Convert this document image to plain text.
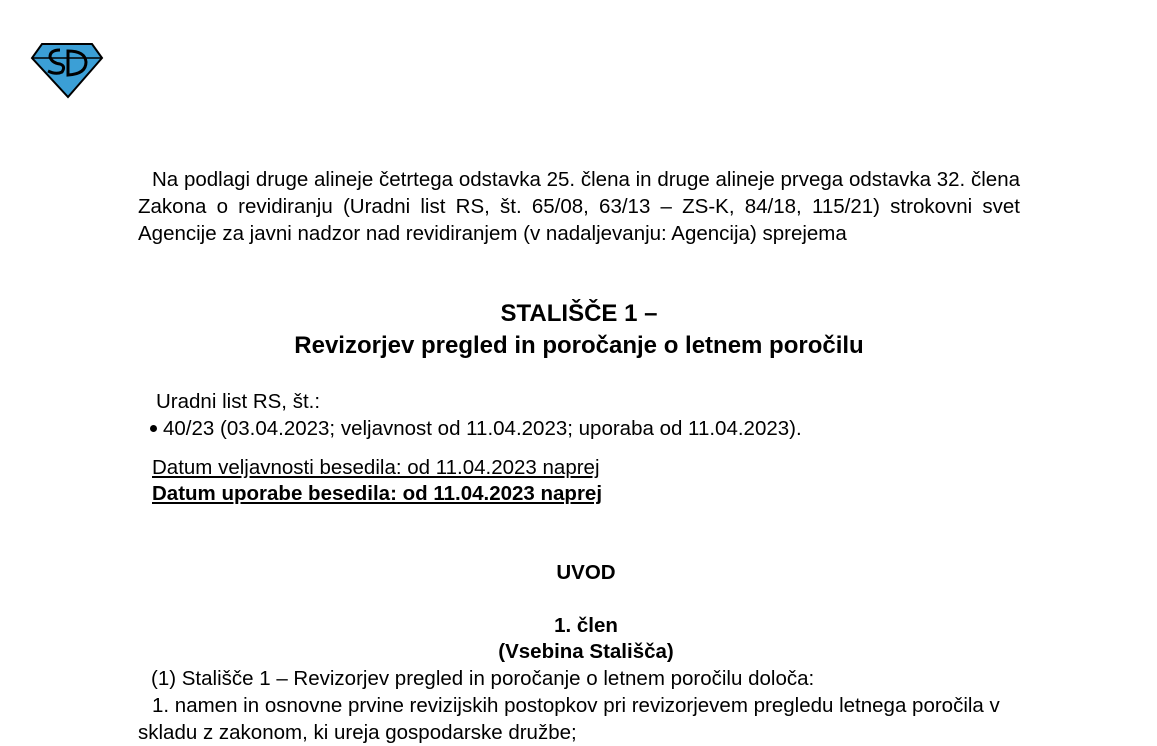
Na podlagi druge alineje četrtega odstavka 25. člena in druge alineje prvega odstavka 32. člena Zakona o revidiranju (Uradni list RS, št. 65/08, 63/13 – ZS-K, 84/18, 115/21) strokovni svet Agencije za javni nadzor nad revidiranjem (v nadaljevanju: Agencija) sprejema

STALIŠČE 1 –
Revizorjev pregled in poročanje o letnem poročilu
Uradni list RS, št.:
40/23 (03.04.2023; veljavnost od 11.04.2023; uporaba od 11.04.2023).
Datum veljavnosti besedila: od 11.04.2023 naprej
Datum uporabe besedila: od 11.04.2023 naprej
UVOD
1. člen
(Vsebina Stališča)

(1) Stališče 1 – Revizorjev pregled in poročanje o letnem poročilu določa:

1. namen in osnovne prvine revizijskih postopkov pri revizorjevem pregledu letnega poročila v skladu z zakonom, ki ureja gospodarske družbe;
